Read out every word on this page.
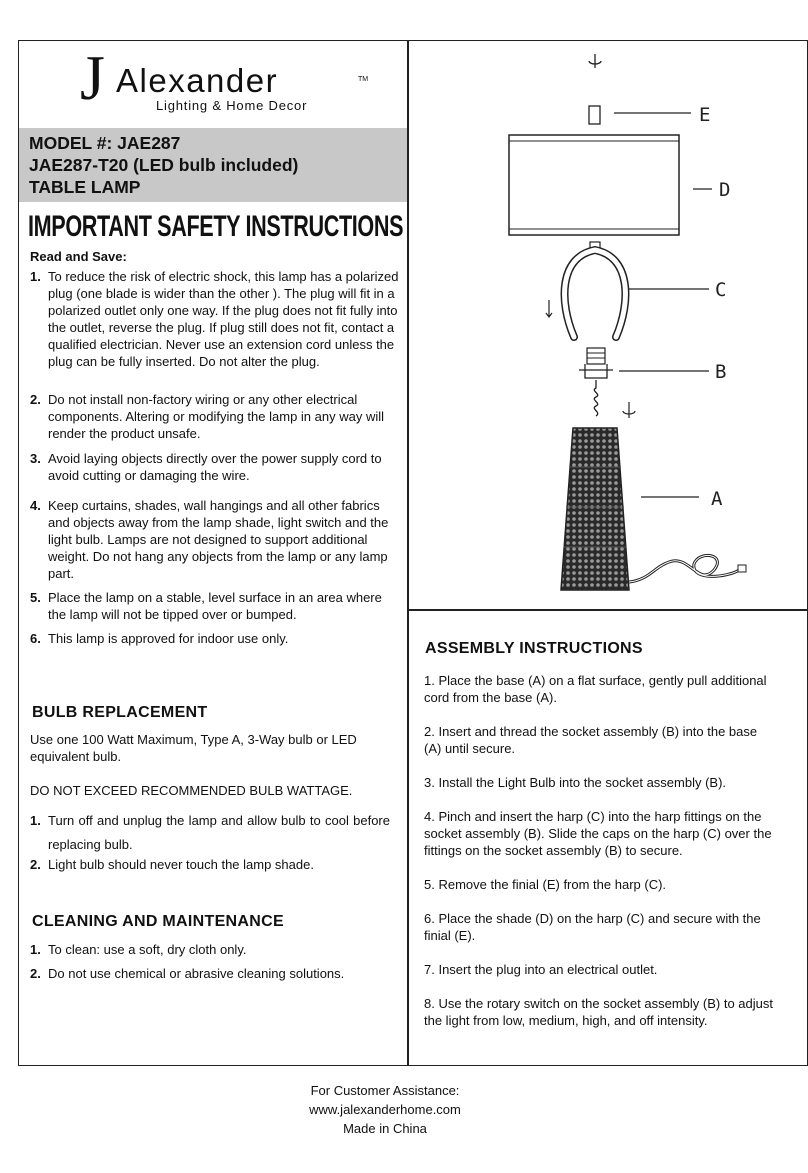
J Alexander	TM
Lighting & Home Decor
MODEL #: JAE287
JAE287-T20 (LED bulb included)
TABLE LAMP
IMPORTANT SAFETY INSTRUCTIONS
Read and Save:
1. To reduce the risk of electric shock, this lamp has a polarized plug (one blade is wider than the other ). The plug will fit in a polarized outlet only one way. If the plug does not fit fully into the outlet, reverse the plug. If plug still does not fit, contact a qualified electrician. Never use an extension cord unless the plug can be fully inserted. Do not alter the plug.
2. Do not install non-factory wiring or any other electrical components. Altering or modifying the lamp in any way will render the product unsafe.
3. Avoid laying objects directly over the power supply cord to avoid cutting or damaging the wire.
4. Keep curtains, shades, wall hangings and all other fabrics and objects away from the lamp shade, light switch and the light bulb. Lamps are not designed to support additional weight. Do not hang any objects from the lamp or any lamp part.
5. Place the lamp on a stable, level surface in an area where the lamp will not be tipped over or bumped.
6. This lamp is approved for indoor use only.
BULB REPLACEMENT
Use one 100 Watt Maximum, Type A, 3-Way bulb or LED equivalent bulb.
DO NOT EXCEED RECOMMENDED BULB WATTAGE.
1. Turn off and unplug the lamp and allow bulb to cool before replacing bulb.
2. Light bulb should never touch the lamp shade.
CLEANING AND MAINTENANCE
1. To clean: use a soft, dry cloth only.
2. Do not use chemical or abrasive cleaning solutions.
E
D
C
B
A
ASSEMBLY INSTRUCTIONS
1. Place the base (A) on a flat surface, gently pull additional cord from the base (A).
2. Insert and thread the socket assembly (B) into the base (A) until secure.
3. Install the Light Bulb into the socket assembly (B).
4. Pinch and insert the harp (C) into the harp fittings on the socket assembly (B). Slide the caps on the harp (C) over the fittings on the socket assembly (B) to secure.
5. Remove the finial (E) from the harp (C).
6. Place the shade (D) on the harp (C) and secure with the finial (E).
7. Insert the plug into an electrical outlet.
8. Use the rotary switch on the socket assembly (B) to adjust the light from low, medium, high, and off intensity.
For Customer Assistance:
www.jalexanderhome.com
Made in China
